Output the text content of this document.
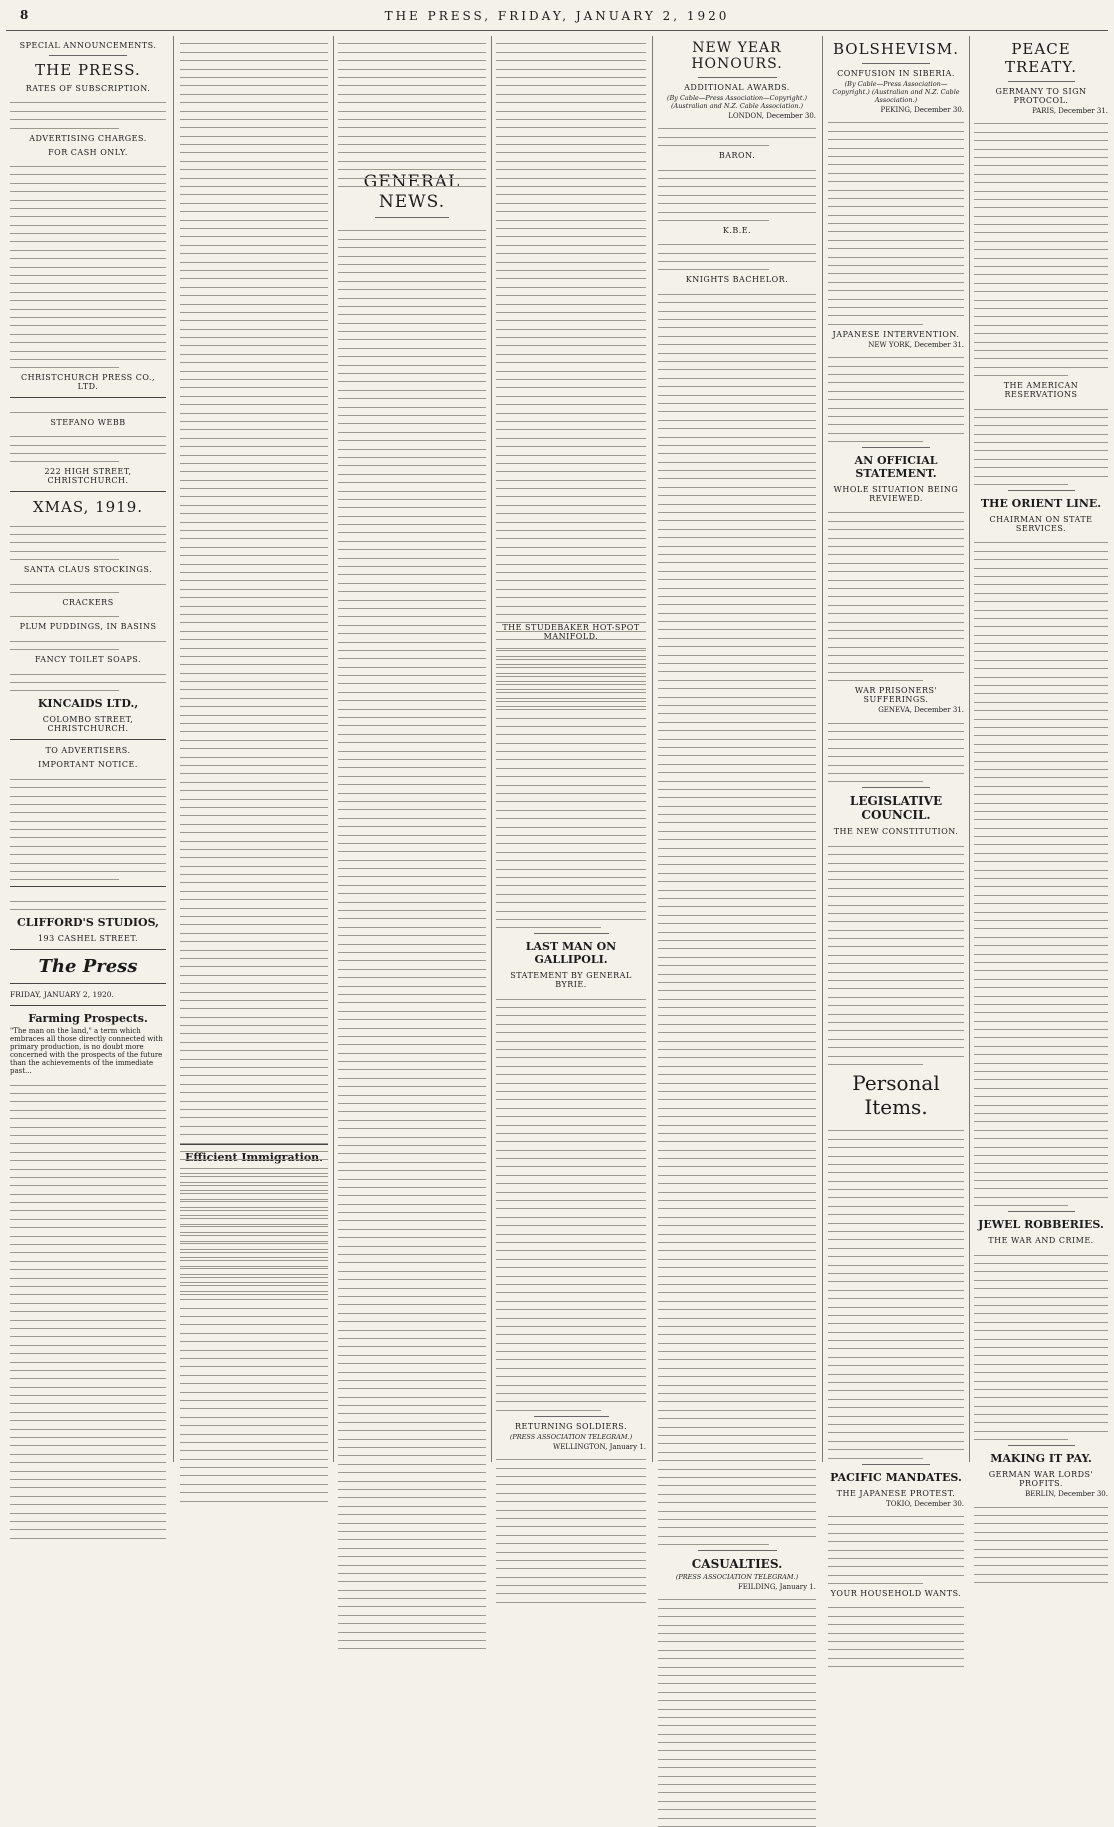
8	THE PRESS, FRIDAY, JANUARY 2, 1920
SPECIAL ANNOUNCEMENTS.
THE PRESS.
RATES OF SUBSCRIPTION.
ADVERTISING CHARGES.
FOR CASH ONLY.
CHRISTCHURCH PRESS CO., LTD.
STEFANO WEBB
222 HIGH STREET, CHRISTCHURCH.
XMAS, 1919.
SANTA CLAUS STOCKINGS.
CRACKERS
PLUM PUDDINGS, IN BASINS
FANCY TOILET SOAPS.
KINCAIDS LTD.,
COLOMBO STREET, CHRISTCHURCH.
TO ADVERTISERS.
IMPORTANT NOTICE.
CLIFFORD'S STUDIOS,
193 CASHEL STREET.
The Press
FRIDAY, JANUARY 2, 1920.
Farming Prospects.
"The man on the land," a term which embraces all those directly connected with primary production, is no doubt more concerned with the prospects of the future than the achievements of the immediate past...
Efficient Immigration.
GENERAL NEWS.
THE STUDEBAKER HOT-SPOT MANIFOLD.
LAST MAN ON GALLIPOLI.
STATEMENT BY GENERAL BYRIE.
RETURNING SOLDIERS.
(PRESS ASSOCIATION TELEGRAM.)
WELLINGTON, January 1.
NEW YEAR HONOURS.
ADDITIONAL AWARDS.
(By Cable—Press Association—Copyright.) (Australian and N.Z. Cable Association.)
LONDON, December 30.
BARON.
K.B.E.
KNIGHTS BACHELOR.
CASUALTIES.
(PRESS ASSOCIATION TELEGRAM.)
FEILDING, January 1.
BOLSHEVISM.
CONFUSION IN SIBERIA.
(By Cable—Press Association—Copyright.) (Australian and N.Z. Cable Association.)
PEKING, December 30.
JAPANESE INTERVENTION.
NEW YORK, December 31.
AN OFFICIAL STATEMENT.
WHOLE SITUATION BEING REVIEWED.
WAR PRISONERS' SUFFERINGS.
GENEVA, December 31.
LEGISLATIVE COUNCIL.
THE NEW CONSTITUTION.
Personal Items.
PACIFIC MANDATES.
THE JAPANESE PROTEST.
TOKIO, December 30.
YOUR HOUSEHOLD WANTS.
PEACE TREATY.
GERMANY TO SIGN PROTOCOL.
PARIS, December 31.
THE AMERICAN RESERVATIONS
THE ORIENT LINE.
CHAIRMAN ON STATE SERVICES.
JEWEL ROBBERIES.
THE WAR AND CRIME.
MAKING IT PAY.
GERMAN WAR LORDS' PROFITS.
BERLIN, December 30.
